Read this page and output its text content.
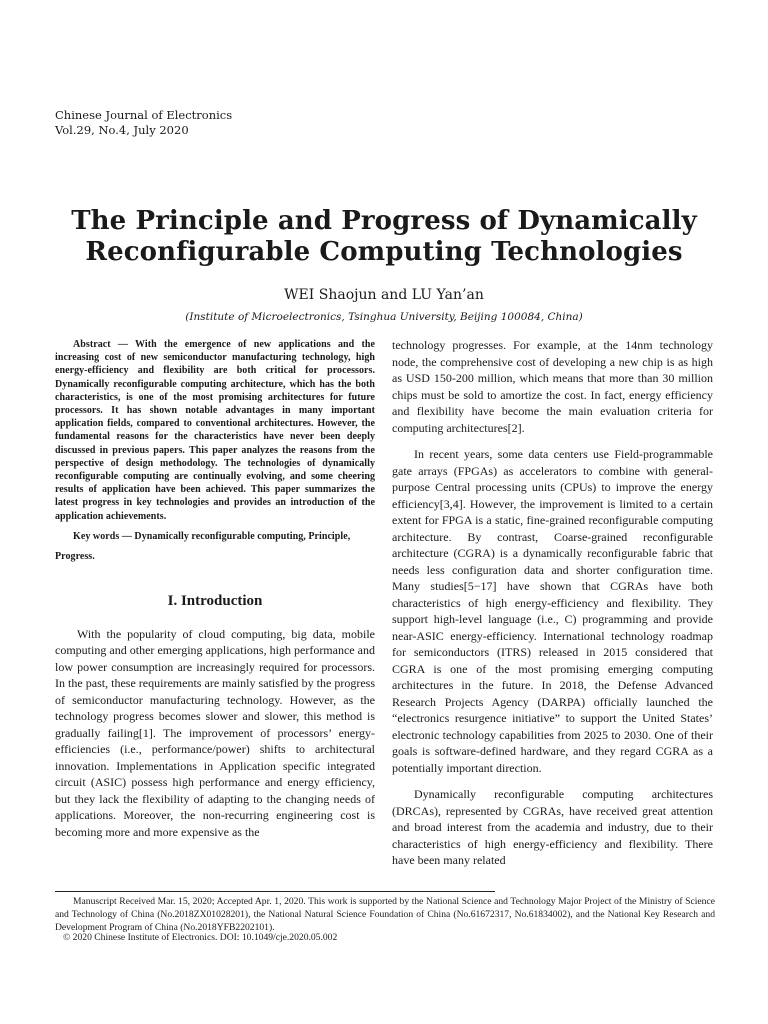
Chinese Journal of Electronics
Vol.29, No.4, July 2020
The Principle and Progress of Dynamically Reconfigurable Computing Technologies
WEI Shaojun and LU Yan’an
(Institute of Microelectronics, Tsinghua University, Beijing 100084, China)

Abstract — With the emergence of new applications and the increasing cost of new semiconductor manufacturing technology, high energy-efficiency and flexibility are both critical for processors. Dynamically reconfigurable computing architecture, which has the both characteristics, is one of the most promising architectures for future processors. It has shown notable advantages in many important application fields, compared to conventional architectures. However, the fundamental reasons for the characteristics have never been deeply discussed in previous papers. This paper analyzes the reasons from the perspective of design methodology. The technologies of dynamically reconfigurable computing are continually evolving, and some cheering results of application have been achieved. This paper summarizes the latest progress in key technologies and provides an introduction of the application achievements.

Key words — Dynamically reconfigurable computing, Principle, Progress.

I. Introduction

With the popularity of cloud computing, big data, mobile computing and other emerging applications, high performance and low power consumption are increasingly required for processors. In the past, these requirements are mainly satisfied by the progress of semiconductor manufacturing technology. However, as the technology progress becomes slower and slower, this method is gradually failing[1]. The improvement of processors’ energy-efficiencies (i.e., performance/power) shifts to architectural innovation. Implementations in Application specific integrated circuit (ASIC) possess high performance and energy efficiency, but they lack the flexibility of adapting to the changing needs of applications. Moreover, the non-recurring engineering cost is becoming more and more expensive as the

technology progresses. For example, at the 14nm technology node, the comprehensive cost of developing a new chip is as high as USD 150-200 million, which means that more than 30 million chips must be sold to amortize the cost. In fact, energy efficiency and flexibility have become the main evaluation criteria for computing architectures[2].

In recent years, some data centers use Field-programmable gate arrays (FPGAs) as accelerators to combine with general-purpose Central processing units (CPUs) to improve the energy efficiency[3,4]. However, the improvement is limited to a certain extent for FPGA is a static, fine-grained reconfigurable computing architecture. By contrast, Coarse-grained reconfigurable architecture (CGRA) is a dynamically reconfigurable fabric that needs less configuration data and shorter configuration time. Many studies[5−17] have shown that CGRAs have both characteristics of high energy-efficiency and flexibility. They support high-level language (i.e., C) programming and provide near-ASIC energy-efficiency. International technology roadmap for semiconductors (ITRS) released in 2015 considered that CGRA is one of the most promising emerging computing architectures in the future. In 2018, the Defense Advanced Research Projects Agency (DARPA) officially launched the “electronics resurgence initiative” to support the United States’ electronic technology capabilities from 2025 to 2030. One of their goals is software-defined hardware, and they regard CGRA as a potentially important direction.

Dynamically reconfigurable computing architectures (DRCAs), represented by CGRAs, have received great attention and broad interest from the academia and industry, due to their characteristics of high energy-efficiency and flexibility. There have been many related

Manuscript Received Mar. 15, 2020; Accepted Apr. 1, 2020. This work is supported by the National Science and Technology Major Project of the Ministry of Science and Technology of China (No.2018ZX01028201), the National Natural Science Foundation of China (No.61672317, No.61834002), and the National Key Research and Development Program of China (No.2018YFB2202101).
© 2020 Chinese Institute of Electronics. DOI: 10.1049/cje.2020.05.002
